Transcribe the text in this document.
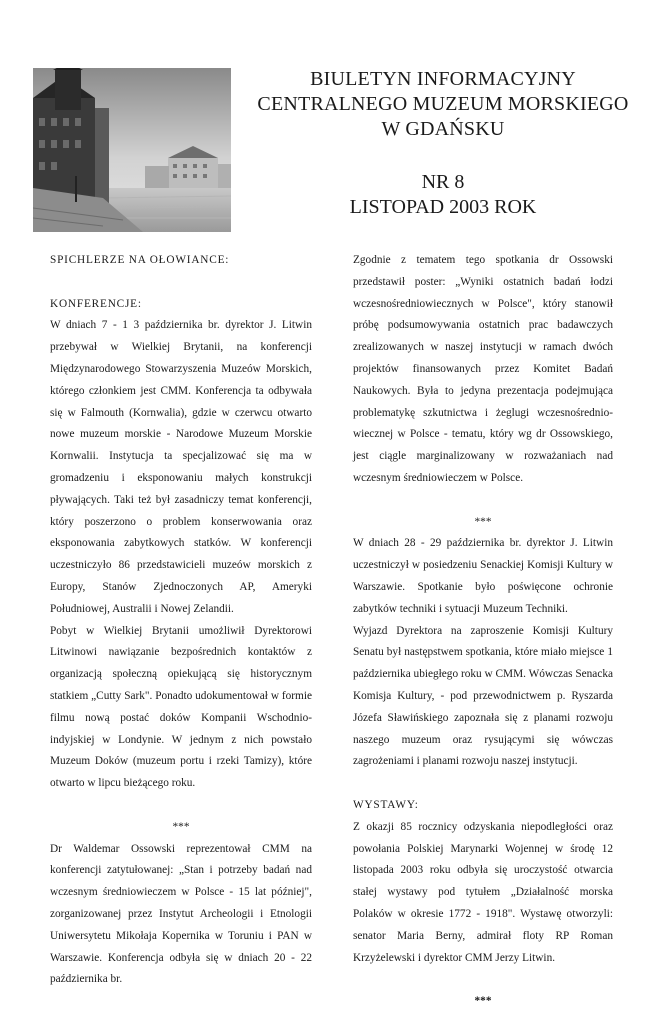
BIULETYN INFORMACYJNY
CENTRALNEGO MUZEUM MORSKIEGO
W GDAŃSKU
NR 8
LISTOPAD 2003 ROK

SPICHLERZE NA OŁOWIANCE:

KONFERENCJE:

W dniach 7 - 1 3 października br. dyrektor J. Litwin przebywał w Wielkiej Brytanii, na konferencji Międzynarodowego Stowarzyszenia Muzeów Morskich, którego członkiem jest CMM. Konferencja ta odbywała się w Falmouth (Kornwalia), gdzie w czerwcu otwarto nowe muzeum morskie - Narodowe Muzeum Morskie Kornwalii. Instytucja ta specjalizować się ma w gromadzeniu i eksponowaniu małych konstrukcji pływających. Taki też był zasadniczy temat konferencji, który poszerzono o problem konserwowania oraz eksponowania zabytkowych statków. W konferencji uczestniczyło 86 przedstawicieli muzeów morskich z Europy, Stanów Zjednoczonych AP, Ameryki Południowej, Australii i Nowej Zelandii.

Pobyt w Wielkiej Brytanii umożliwił Dyrektorowi Litwinowi nawiązanie bezpośrednich kontaktów z organizacją społeczną opiekującą się historycznym statkiem „Cutty Sark". Ponadto udokumentował w formie filmu nową postać doków Kompanii Wschodnio-indyjskiej w Londynie. W jednym z nich powstało Muzeum Doków (muzeum portu i rzeki Tamizy), które otwarto w lipcu bieżącego roku.

***

Dr Waldemar Ossowski reprezentował CMM na konferencji zatytułowanej: „Stan i potrzeby badań nad wczesnym średniowieczem w Polsce - 15 lat później", zorganizowanej przez Instytut Archeologii i Etnologii Uniwersytetu Mikołaja Kopernika w Toruniu i PAN w Warszawie. Konferencja odbyła się w dniach 20 - 22 października br.

Zgodnie z tematem tego spotkania dr Ossowski przedstawił poster: „Wyniki ostatnich badań łodzi wczesnośredniowiecznych w Polsce", który stanowił próbę podsumowywania ostatnich prac badawczych zrealizowanych w naszej instytucji w ramach dwóch projektów finansowanych przez Komitet Badań Naukowych. Była to jedyna prezentacja podejmująca problematykę szkutnictwa i żeglugi wczesnośrednio-wiecznej w Polsce - tematu, który wg dr Ossowskiego, jest ciągle marginalizowany w rozważaniach nad wczesnym średniowieczem w Polsce.

***

W dniach 28 - 29 października br. dyrektor J. Litwin uczestniczył w posiedzeniu Senackiej Komisji Kultury w Warszawie. Spotkanie było poświęcone ochronie zabytków techniki i sytuacji Muzeum Techniki.

Wyjazd Dyrektora na zaproszenie Komisji Kultury Senatu był następstwem spotkania, które miało miejsce 1 października ubiegłego roku w CMM. Wówczas Senacka Komisja Kultury, - pod przewodnictwem p. Ryszarda Józefa Sławińskiego zapoznała się z planami rozwoju naszego muzeum oraz rysującymi się wówczas zagrożeniami i planami rozwoju naszej instytucji.

WYSTAWY:

Z okazji 85 rocznicy odzyskania niepodległości oraz powołania Polskiej Marynarki Wojennej w środę 12 listopada 2003 roku odbyła się uroczystość otwarcia stałej wystawy pod tytułem „Działalność morska Polaków w okresie 1772 - 1918". Wystawę otworzyli: senator Maria Berny, admirał floty RP Roman Krzyżelewski i dyrektor CMM Jerzy Litwin.

***
